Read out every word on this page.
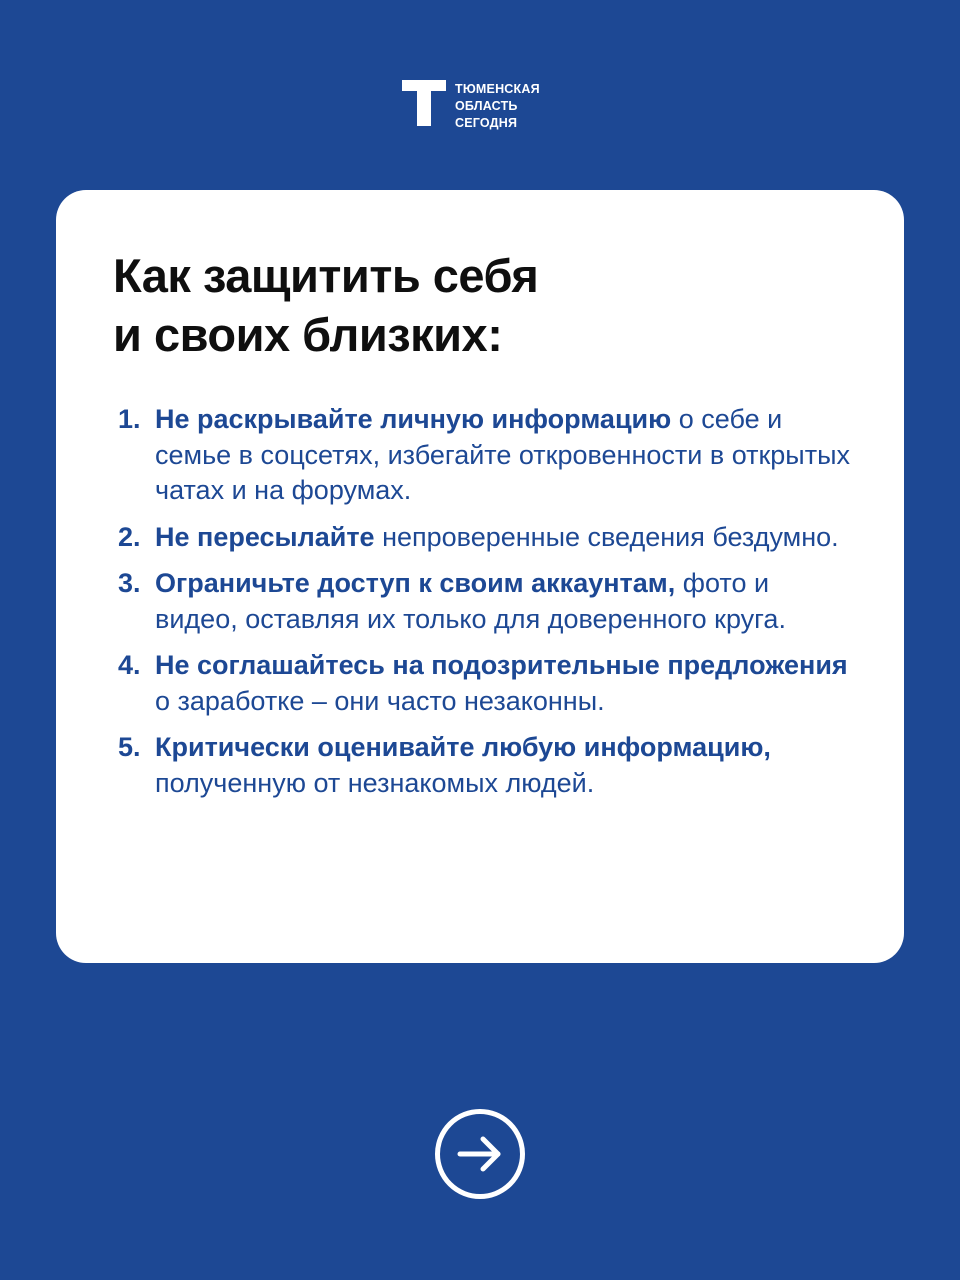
ТЮМЕНСКАЯ
ОБЛАСТЬ
СЕГОДНЯ
Как защитить себя
и своих близких:
1. Не раскрывайте личную информацию о себе и семье в соцсетях, избегайте откровенности в открытых чатах и на форумах.
2. Не пересылайте непроверенные сведения бездумно.
3. Ограничьте доступ к своим аккаунтам, фото и видео, оставляя их только для доверенного круга.
4. Не соглашайтесь на подозрительные предложения о заработке – они часто незаконны.
5. Критически оценивайте любую информацию, полученную от незнакомых людей.
